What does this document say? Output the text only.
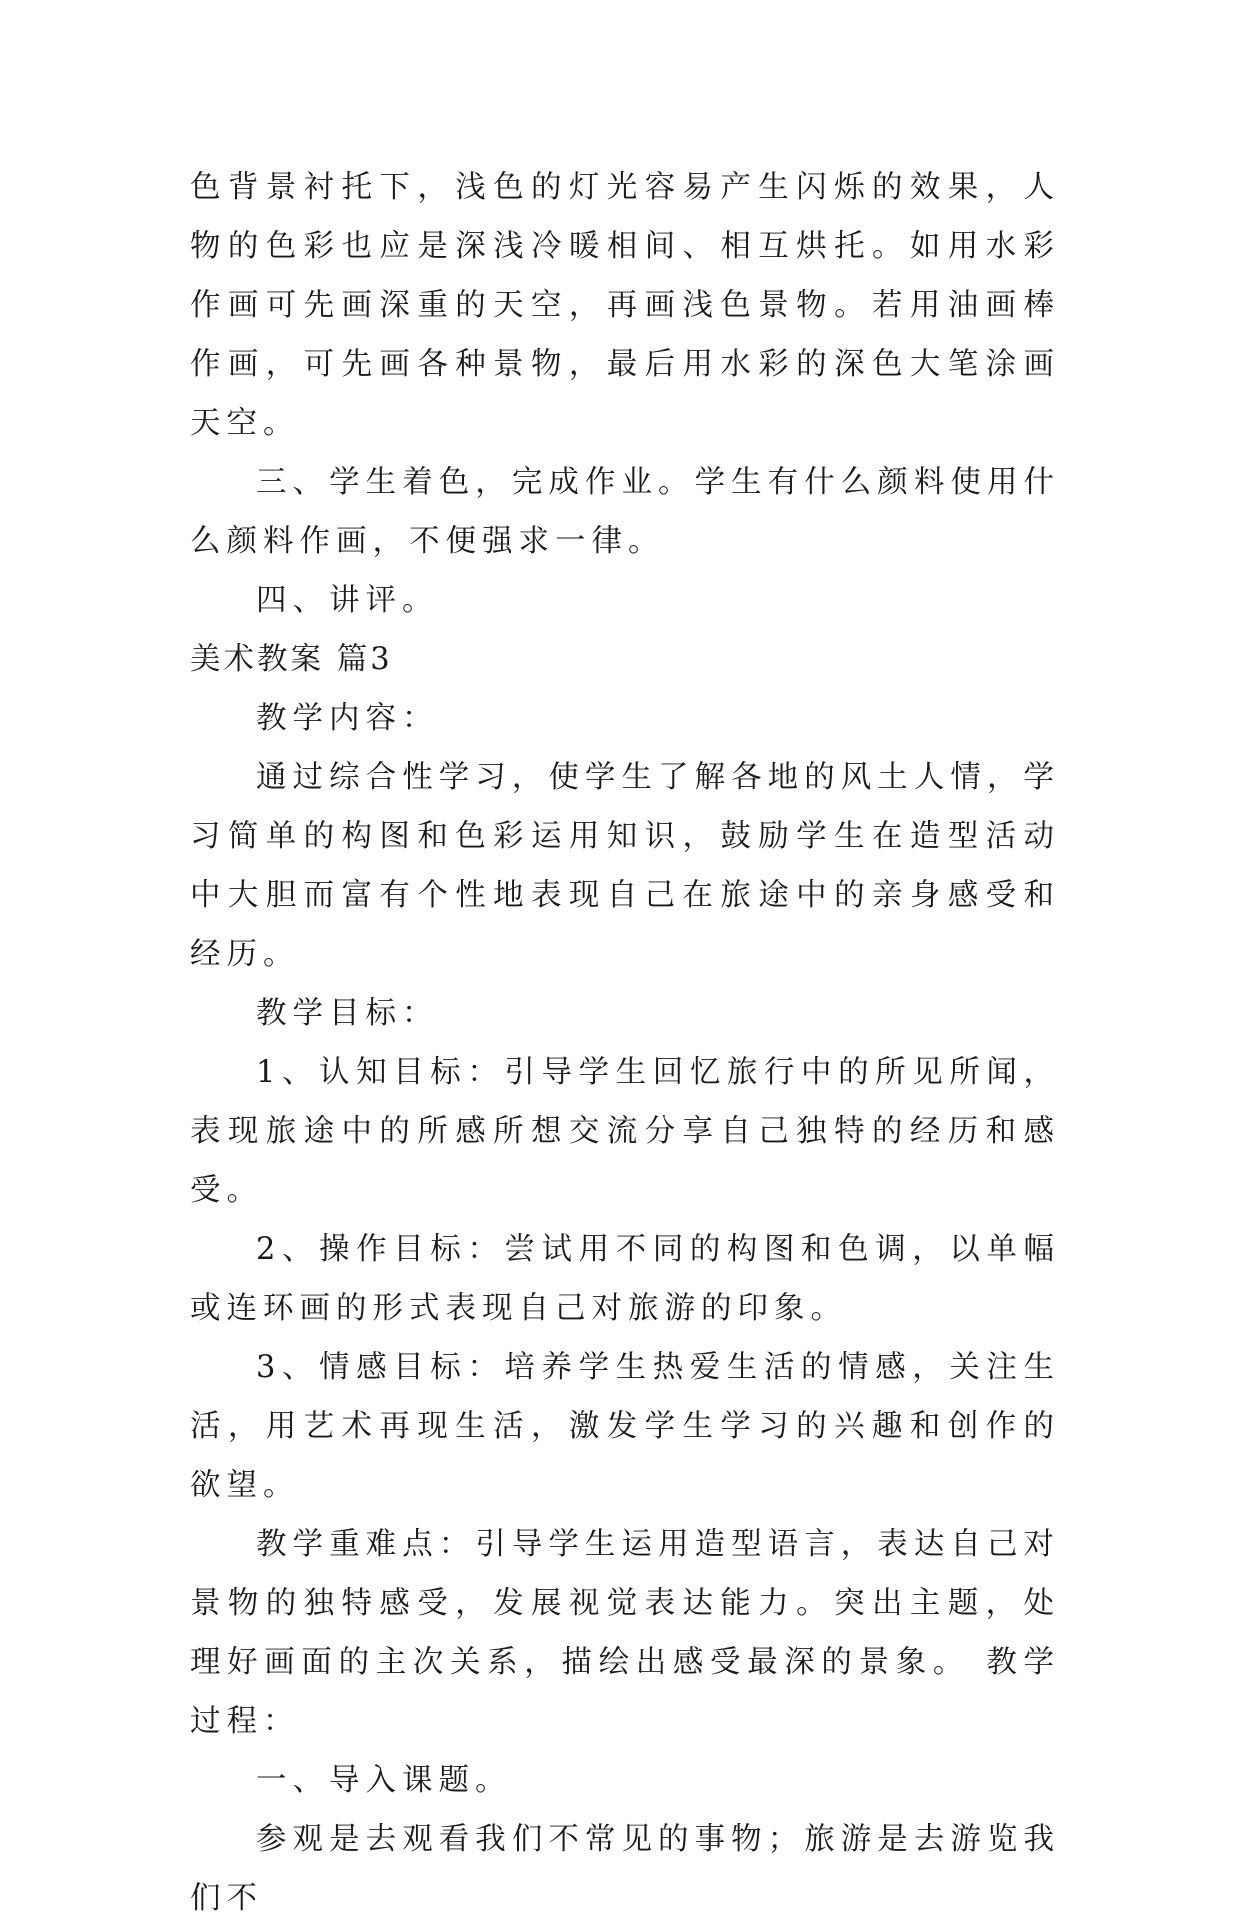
色背景衬托下，浅色的灯光容易产生闪烁的效果，人物的色彩也应是深浅冷暖相间、相互烘托。如用水彩作画可先画深重的天空，再画浅色景物。若用油画棒作画，可先画各种景物，最后用水彩的深色大笔涂画天空。

三、学生着色，完成作业。学生有什么颜料使用什么颜料作画，不便强求一律。

四、讲评。

美术教案 篇3

教学内容：

通过综合性学习，使学生了解各地的风土人情，学习简单的构图和色彩运用知识，鼓励学生在造型活动中大胆而富有个性地表现自己在旅途中的亲身感受和经历。

教学目标：

1、认知目标：引导学生回忆旅行中的所见所闻，表现旅途中的所感所想交流分享自己独特的经历和感受。

2、操作目标：尝试用不同的构图和色调，以单幅或连环画的形式表现自己对旅游的印象。

3、情感目标：培养学生热爱生活的情感，关注生活，用艺术再现生活，激发学生学习的兴趣和创作的欲望。

教学重难点：引导学生运用造型语言，表达自己对景物的独特感受，发展视觉表达能力。突出主题，处理好画面的主次关系，描绘出感受最深的景象。 教学过程：

一、导入课题。

参观是去观看我们不常见的事物；旅游是去游览我们不
